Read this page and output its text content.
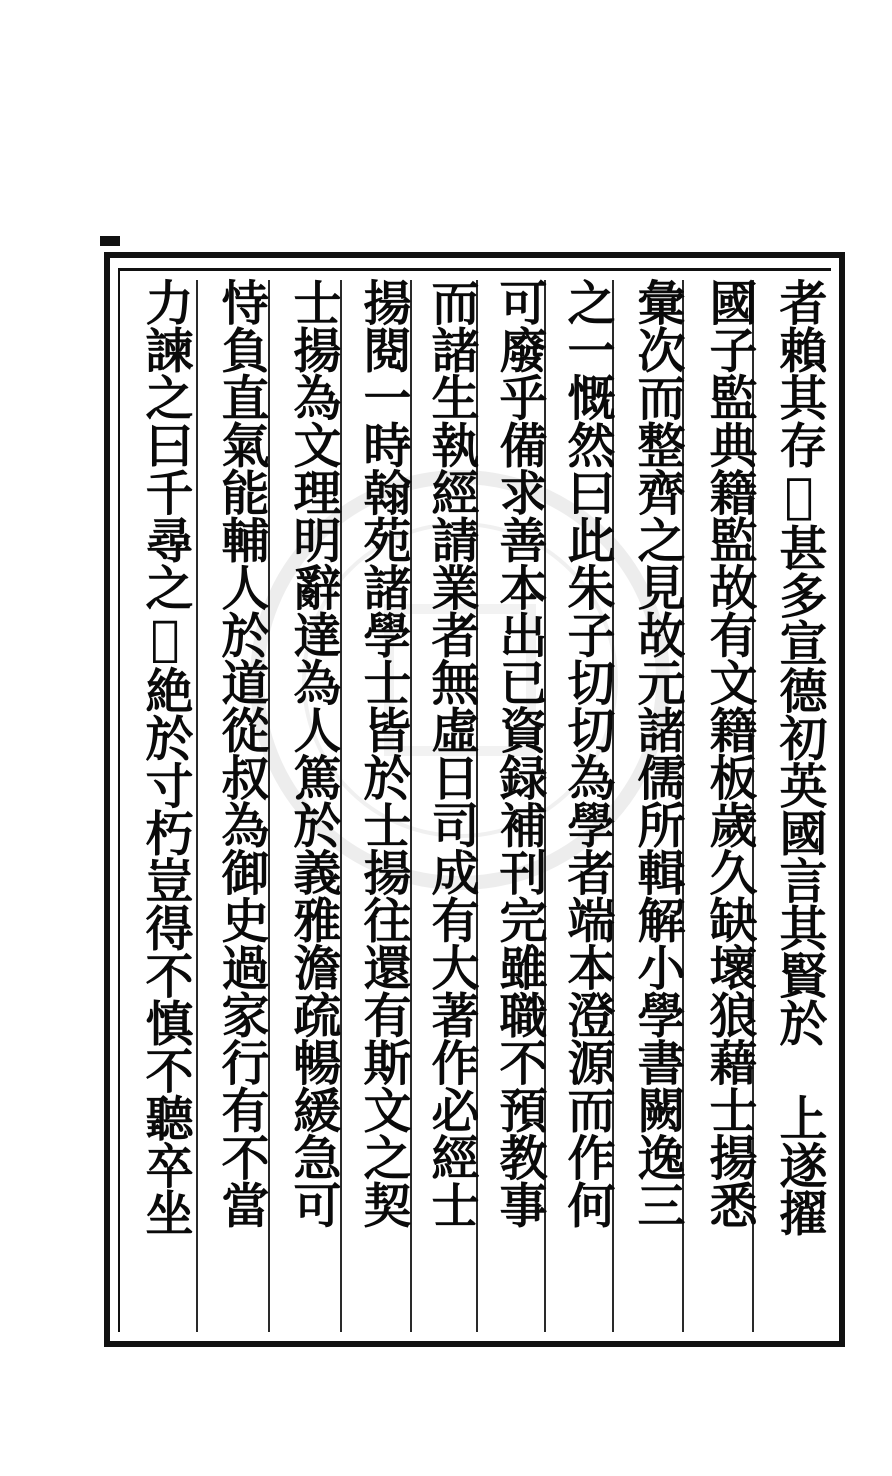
者賴其存𣳙甚多宣德初英國言其賢於　上遂擢
國子監典籍監故有文籍板歲久缺壞狼藉士揚悉
彙次而整齊之見故元諸儒所輯解小學書闕逸三
之一慨然曰此朱子切切為學者端本澄源而作何
可廢乎備求善本出已資録補刊完雖職不預教事
而諸生執經請業者無虛日司成有大著作必經士
揚閱一時翰苑諸學士皆於士揚往還有斯文之契
士揚為文理明辭達為人篤於義雅澹疏暢緩急可
恃負直氣能輔人於道從叔為御史過家行有不當
力諫之曰千尋之𥝠絶於寸朽豈得不慎不聽卒坐
